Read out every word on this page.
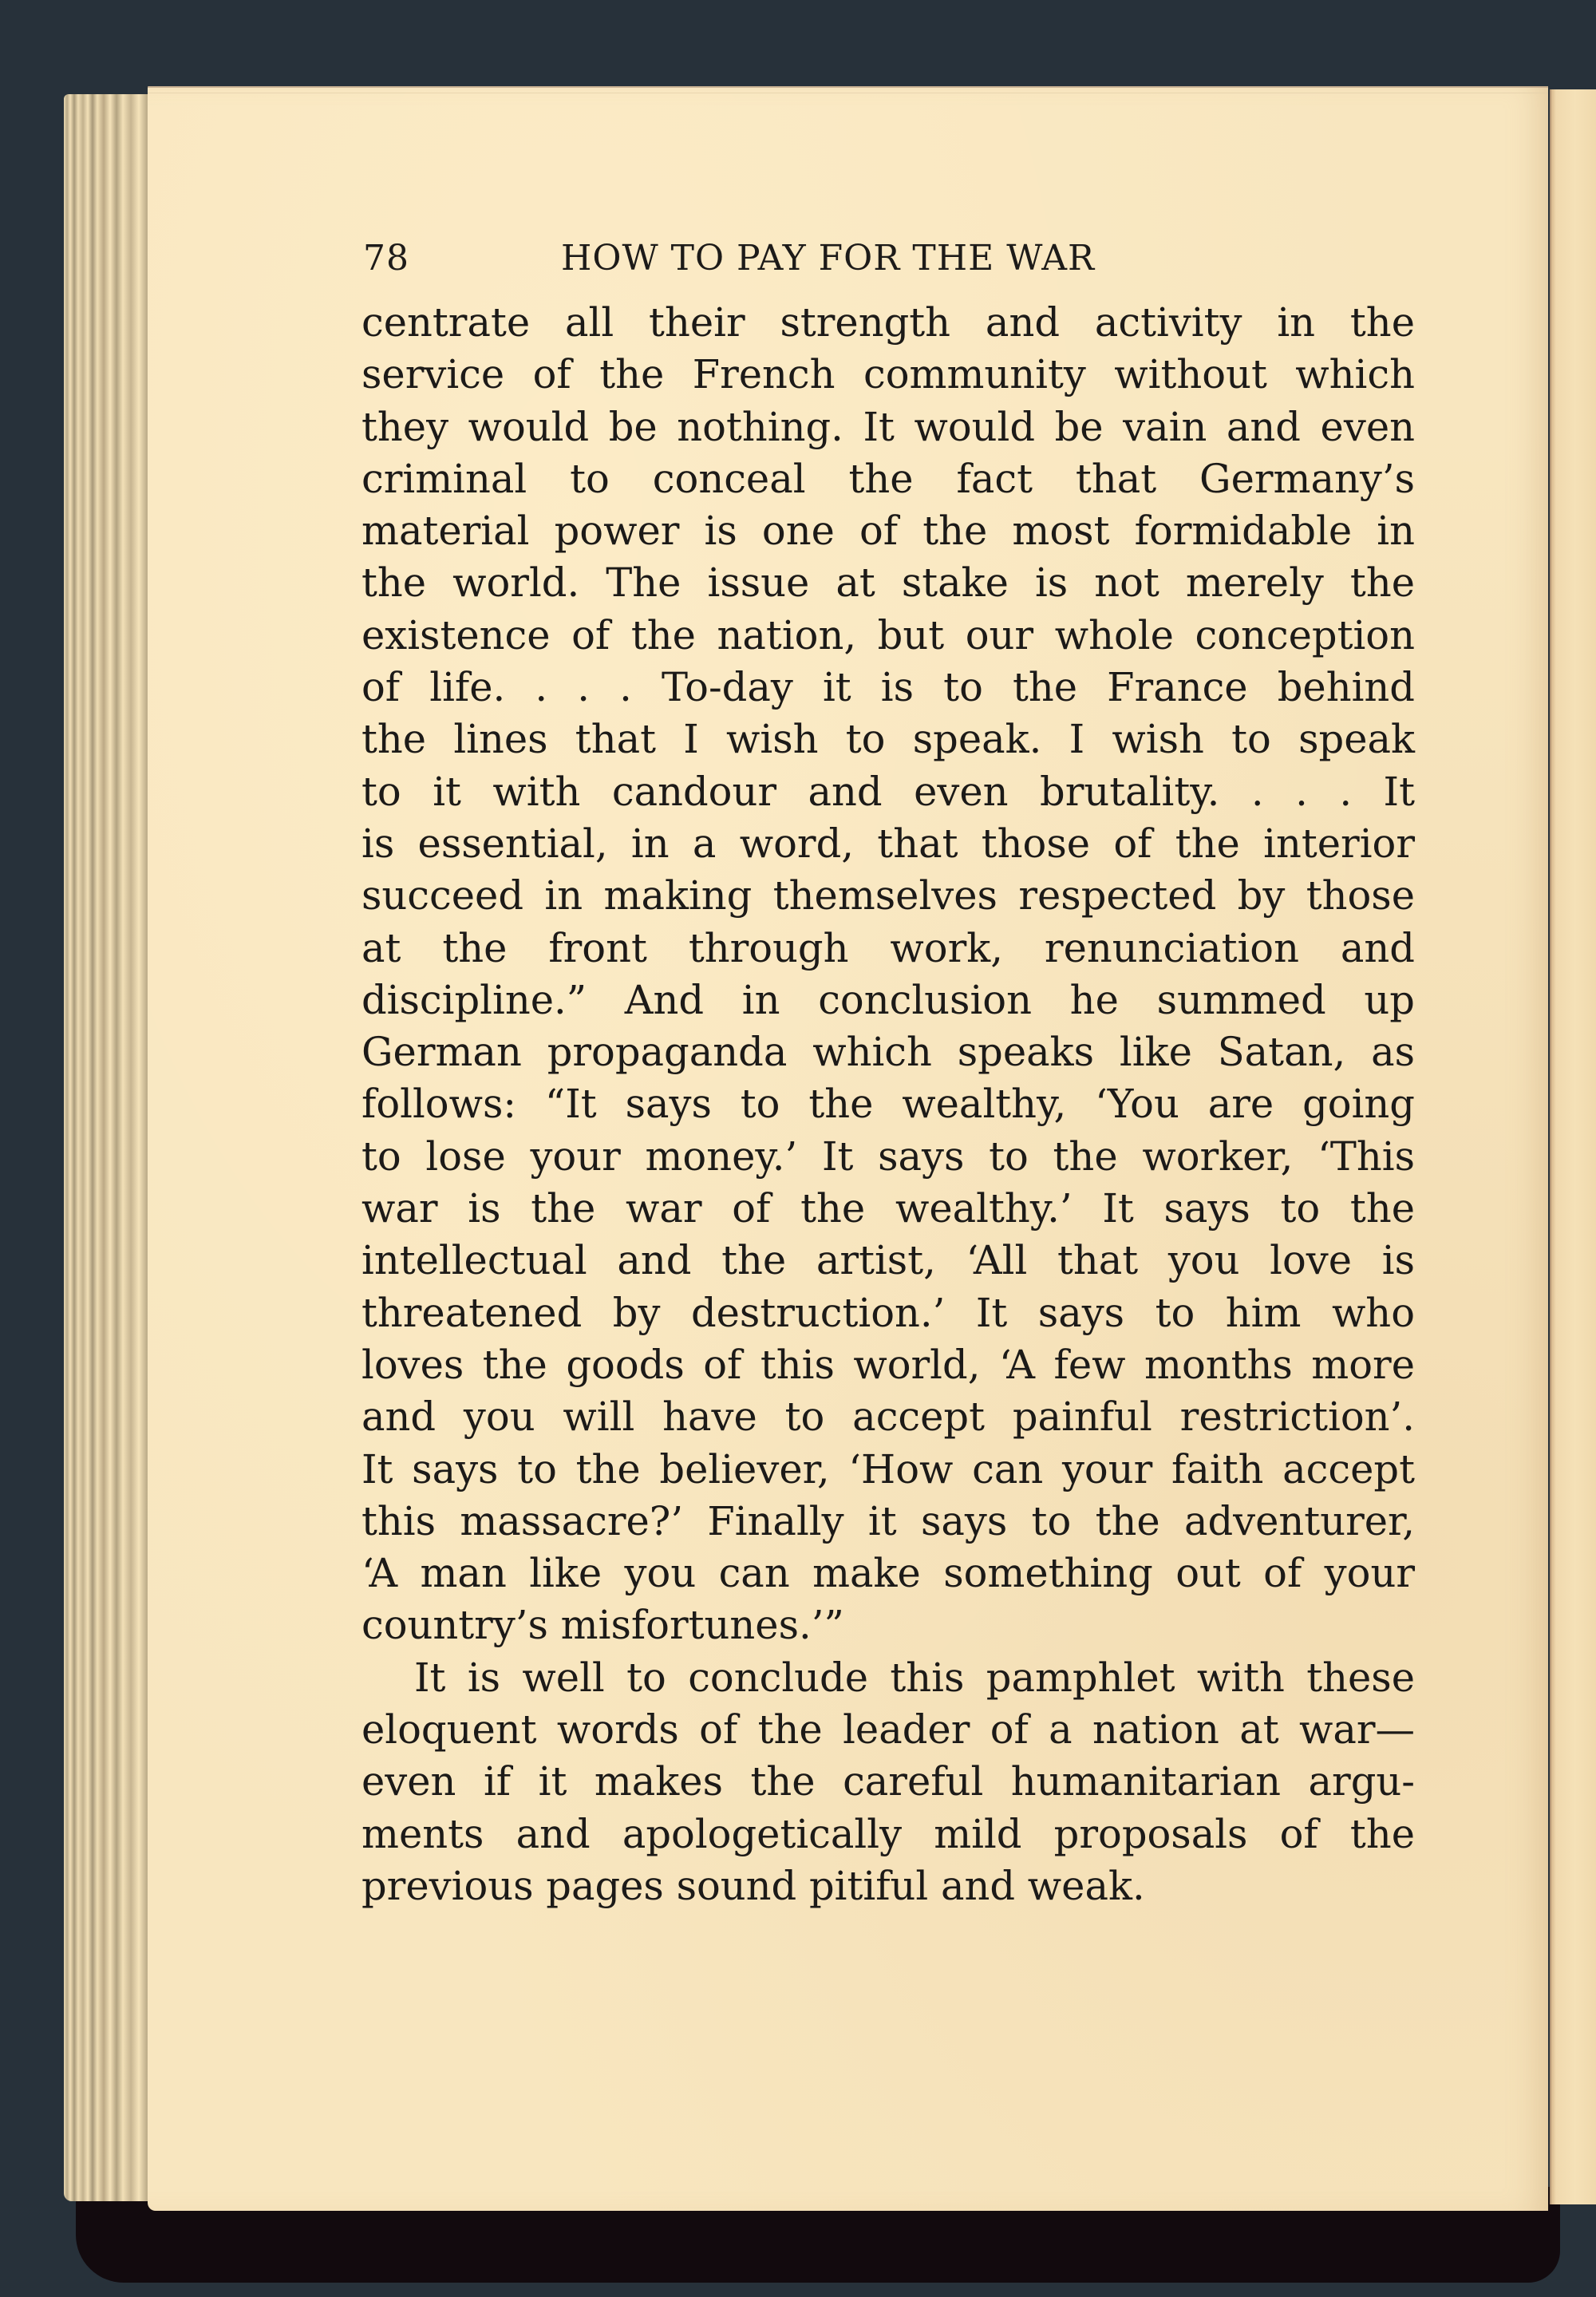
78	HOW TO PAY FOR THE WAR
centrate all their strength and activity in the
service of the French community without which
they would be nothing. It would be vain and even
criminal to conceal the fact that Germany’s
material power is one of the most formidable in
the world. The issue at stake is not merely the
existence of the nation, but our whole conception
of life. . . . To-day it is to the France behind
the lines that I wish to speak. I wish to speak
to it with candour and even brutality. . . . It
is essential, in a word, that those of the interior
succeed in making themselves respected by those
at the front through work, renunciation and
discipline.” And in conclusion he summed up
German propaganda which speaks like Satan, as
follows: “It says to the wealthy, ‘You are going
to lose your money.’ It says to the worker, ‘This
war is the war of the wealthy.’ It says to the
intellectual and the artist, ‘All that you love is
threatened by destruction.’ It says to him who
loves the goods of this world, ‘A few months more
and you will have to accept painful restriction’.
It says to the believer, ‘How can your faith accept
this massacre?’ Finally it says to the adventurer,
‘A man like you can make something out of your
country’s misfortunes.’”
It is well to conclude this pamphlet with these
eloquent words of the leader of a nation at war—
even if it makes the careful humanitarian argu-
ments and apologetically mild proposals of the
previous pages sound pitiful and weak.
